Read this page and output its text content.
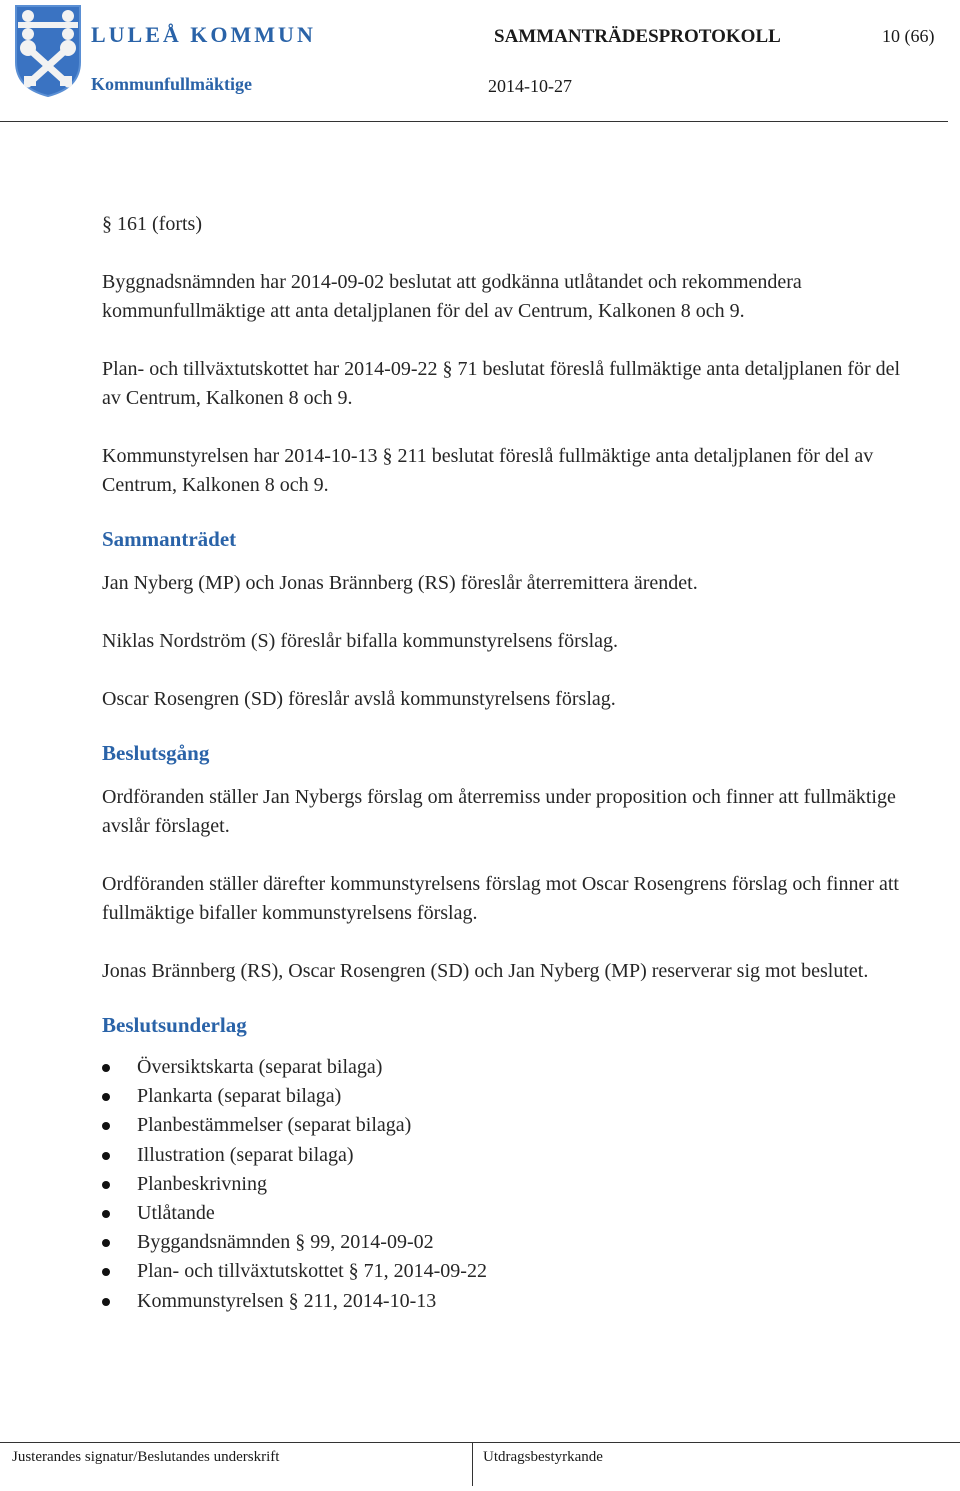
LULEÅ KOMMUN
Kommunfullmäktige
SAMMANTRÄDESPROTOKOLL	10 (66)
2014-10-27

§ 161 (forts)

Byggnadsnämnden har 2014-09-02 beslutat att godkänna utlåtandet och rekommendera kommunfullmäktige att anta detaljplanen för del av Centrum, Kalkonen 8 och 9.

Plan- och tillväxtutskottet har 2014-09-22 § 71 beslutat föreslå fullmäktige anta detaljplanen för del av Centrum, Kalkonen 8 och 9.

Kommunstyrelsen har 2014-10-13 § 211 beslutat föreslå fullmäktige anta detaljplanen för del av Centrum, Kalkonen 8 och 9.

Sammanträdet

Jan Nyberg (MP) och Jonas Brännberg (RS) föreslår återremittera ärendet.

Niklas Nordström (S) föreslår bifalla kommunstyrelsens förslag.

Oscar Rosengren (SD) föreslår avslå kommunstyrelsens förslag.

Beslutsgång

Ordföranden ställer Jan Nybergs förslag om återremiss under proposition och finner att fullmäktige avslår förslaget.

Ordföranden ställer därefter kommunstyrelsens förslag mot Oscar Rosengrens förslag och finner att fullmäktige bifaller kommunstyrelsens förslag.

Jonas Brännberg (RS), Oscar Rosengren (SD) och Jan Nyberg (MP) reserverar sig mot beslutet.

Beslutsunderlag
Översiktskarta (separat bilaga)
Plankarta (separat bilaga)
Planbestämmelser (separat bilaga)
Illustration (separat bilaga)
Planbeskrivning
Utlåtande
Byggandsnämnden § 99, 2014-09-02
Plan- och tillväxtutskottet § 71, 2014-09-22
Kommunstyrelsen § 211, 2014-10-13
Justerandes signatur/Beslutandes underskrift	Utdragsbestyrkande
